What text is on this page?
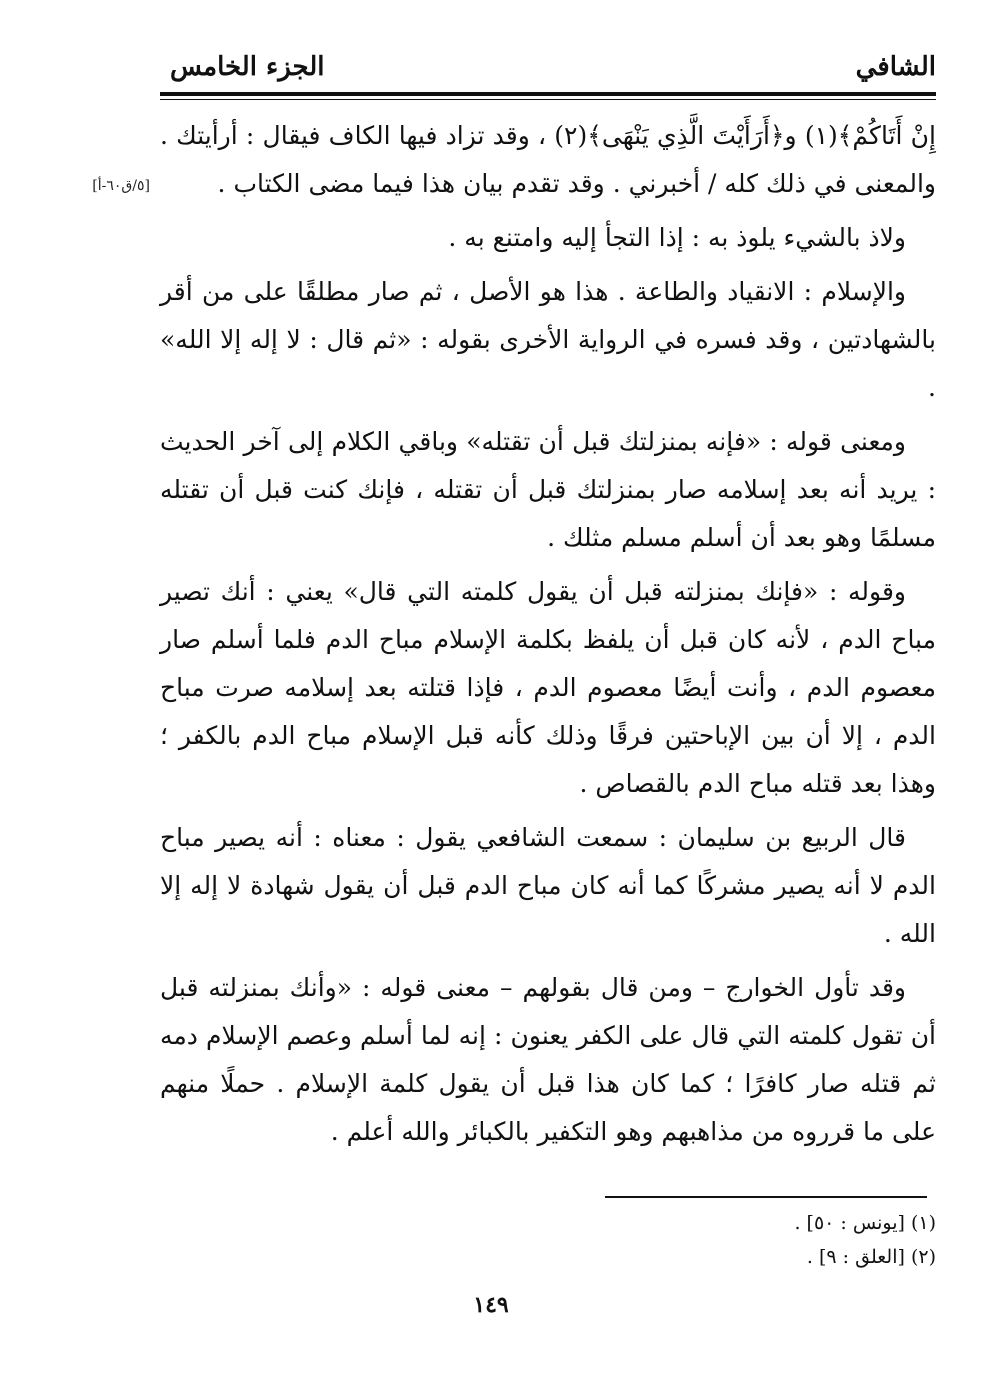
الشافي
الجزء الخامس
[٥/ق٦٠-أ]

إِنْ أَتَاكُمْ﴾(١) و﴿أَرَأَيْتَ الَّذِي يَنْهَى﴾(٢) ، وقد تزاد فيها الكاف فيقال : أرأيتك . والمعنى في ذلك كله / أخبرني . وقد تقدم بيان هذا فيما مضى الكتاب .

ولاذ بالشيء يلوذ به : إذا التجأ إليه وامتنع به .

والإسلام : الانقياد والطاعة . هذا هو الأصل ، ثم صار مطلقًا على من أقر بالشهادتين ، وقد فسره في الرواية الأخرى بقوله : «ثم قال : لا إله إلا الله» .

ومعنى قوله : «فإنه بمنزلتك قبل أن تقتله» وباقي الكلام إلى آخر الحديث : يريد أنه بعد إسلامه صار بمنزلتك قبل أن تقتله ، فإنك كنت قبل أن تقتله مسلمًا وهو بعد أن أسلم مسلم مثلك .

وقوله : «فإنك بمنزلته قبل أن يقول كلمته التي قال» يعني : أنك تصير مباح الدم ، لأنه كان قبل أن يلفظ بكلمة الإسلام مباح الدم فلما أسلم صار معصوم الدم ، وأنت أيضًا معصوم الدم ، فإذا قتلته بعد إسلامه صرت مباح الدم ، إلا أن بين الإباحتين فرقًا وذلك كأنه قبل الإسلام مباح الدم بالكفر ؛ وهذا بعد قتله مباح الدم بالقصاص .

قال الربيع بن سليمان : سمعت الشافعي يقول : معناه : أنه يصير مباح الدم لا أنه يصير مشركًا كما أنه كان مباح الدم قبل أن يقول شهادة لا إله إلا الله .

وقد تأول الخوارج – ومن قال بقولهم – معنى قوله : «وأنك بمنزلته قبل أن تقول كلمته التي قال على الكفر يعنون : إنه لما أسلم وعصم الإسلام دمه ثم قتله صار كافرًا ؛ كما كان هذا قبل أن يقول كلمة الإسلام . حملًا منهم على ما قرروه من مذاهبهم وهو التكفير بالكبائر والله أعلم .

(١) [يونس : ٥٠] .
(٢) [العلق : ٩] .
١٤٩
